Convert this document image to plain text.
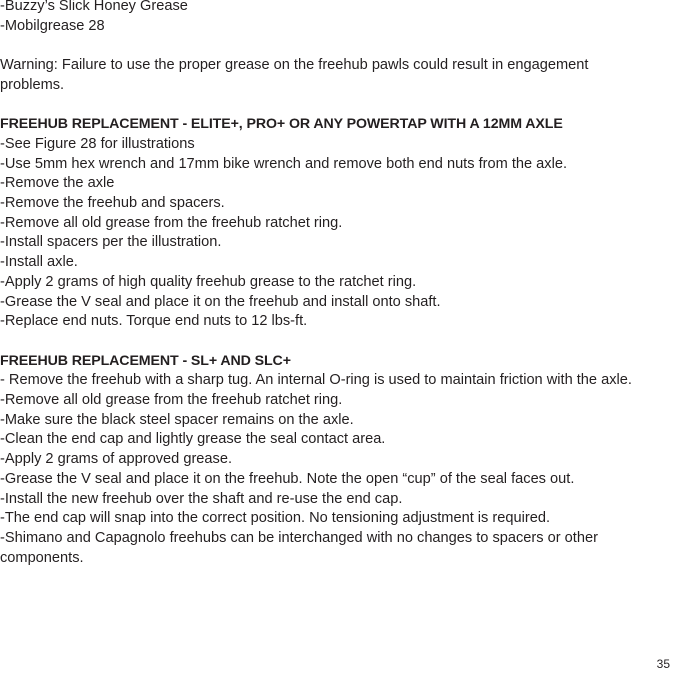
-Buzzy’s Slick Honey Grease

-Mobilgrease 28

Warning: Failure to use the proper grease on the freehub pawls could result in engagement problems.

FREEHUB REPLACEMENT - ELITE+, PRO+ OR ANY POWERTAP WITH A 12MM AXLE

-See Figure 28 for illustrations

-Use 5mm hex wrench and 17mm bike wrench and remove both end nuts from the axle.

-Remove the axle

-Remove the freehub and spacers.

-Remove all old grease from the freehub ratchet ring.

-Install spacers per the illustration.

-Install axle.

-Apply 2 grams of high quality freehub grease to the ratchet ring.

-Grease the V seal and place it on the freehub and install onto shaft.

-Replace end nuts. Torque end nuts to 12 lbs-ft.

FREEHUB REPLACEMENT - SL+ AND SLC+

- Remove the freehub with a sharp tug. An internal O-ring is used to maintain friction with the axle.

-Remove all old grease from the freehub ratchet ring.

-Make sure the black steel spacer remains on the axle.

-Clean the end cap and lightly grease the seal contact area.

-Apply 2 grams of approved grease.

-Grease the V seal and place it on the freehub. Note the open “cup” of the seal faces out.

-Install the new freehub over the shaft and re-use the end cap.

-The end cap will snap into the correct position. No tensioning adjustment is required.

-Shimano and Capagnolo freehubs can be interchanged with no changes to spacers or other components.

35
